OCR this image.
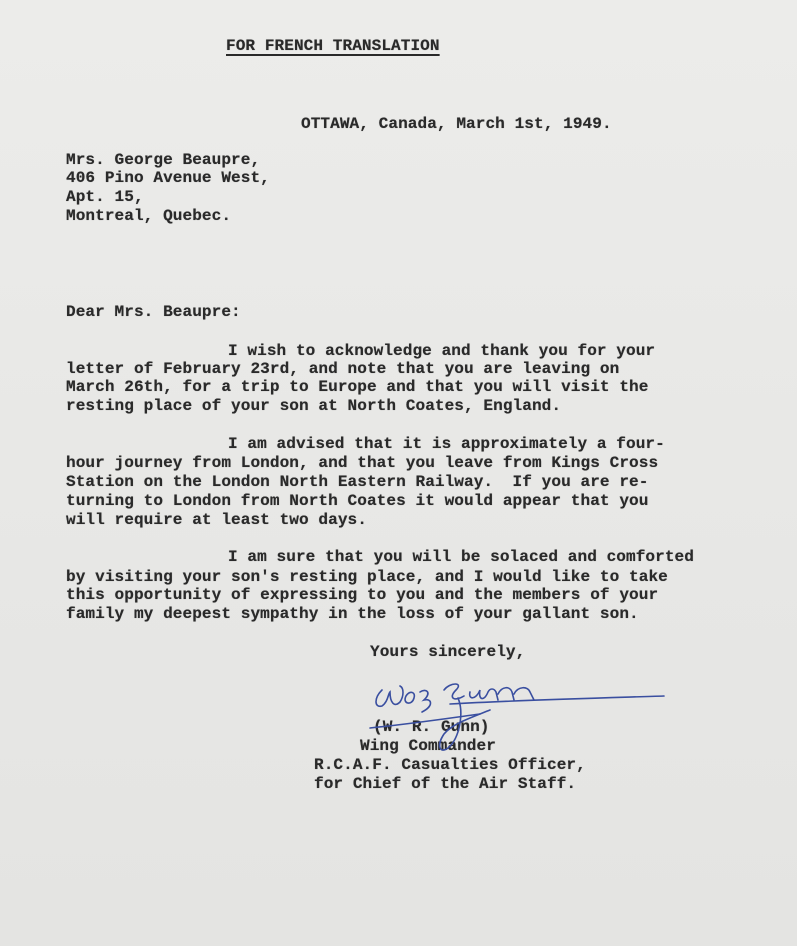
FOR FRENCH TRANSLATION
OTTAWA, Canada, March 1st, 1949.
Mrs. George Beaupre,
406 Pino Avenue West,
Apt. 15,
Montreal, Quebec.
Dear Mrs. Beaupre:
I wish to acknowledge and thank you for your
letter of February 23rd, and note that you are leaving on
March 26th, for a trip to Europe and that you will visit the
resting place of your son at North Coates, England.
I am advised that it is approximately a four-
hour journey from London, and that you leave from Kings Cross
Station on the London North Eastern Railway.  If you are re-
turning to London from North Coates it would appear that you
will require at least two days.
I am sure that you will be solaced and comforted
by visiting your son's resting place, and I would like to take
this opportunity of expressing to you and the members of your
family my deepest sympathy in the loss of your gallant son.
Yours sincerely,
(W. R. Gunn)
Wing Commander
R.C.A.F. Casualties Officer,
for Chief of the Air Staff.
